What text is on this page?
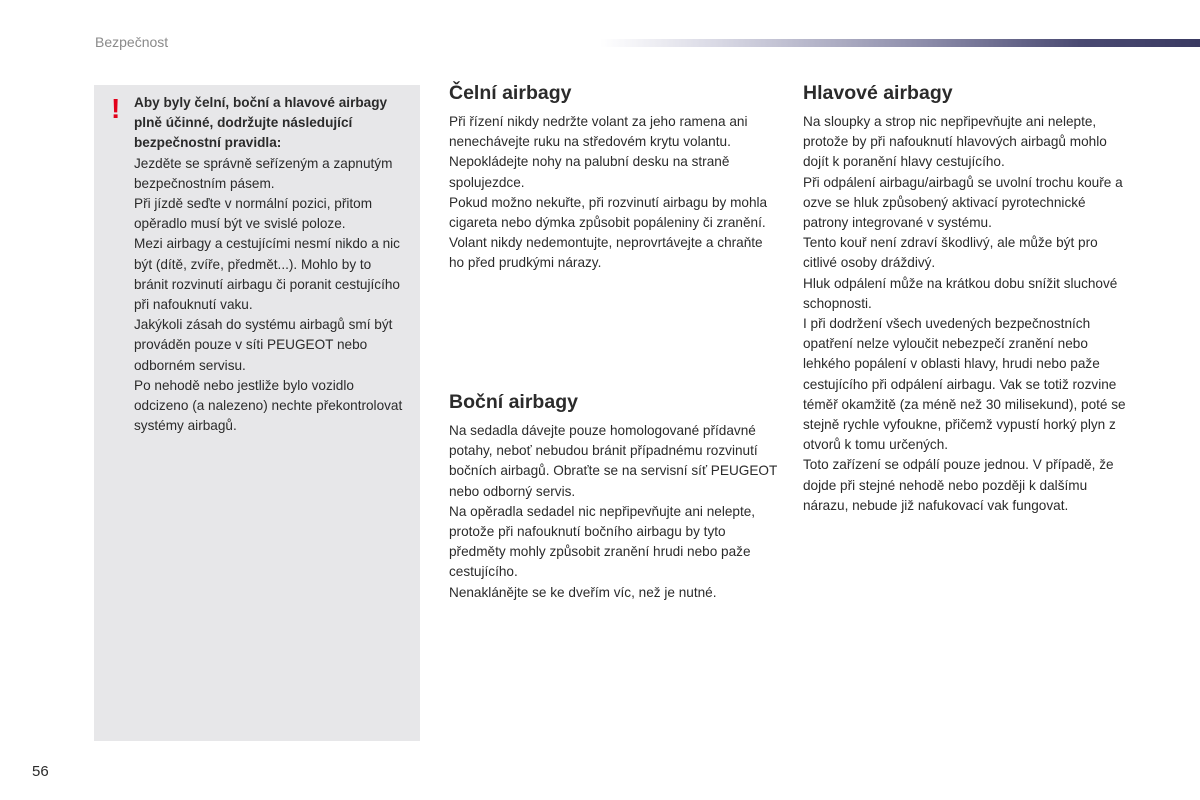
Bezpečnost

Aby byly čelní, boční a hlavové airbagy plně účinné, dodržujte následující bezpečnostní pravidla:

Jezděte se správně seřízeným a zapnutým bezpečnostním pásem.

Při jízdě seďte v normální pozici, přitom opěradlo musí být ve svislé poloze.

Mezi airbagy a cestujícími nesmí nikdo a nic být (dítě, zvíře, předmět...). Mohlo by to bránit rozvinutí airbagu či poranit cestujícího při nafouknutí vaku.

Jakýkoli zásah do systému airbagů smí být prováděn pouze v síti PEUGEOT nebo odborném servisu.

Po nehodě nebo jestliže bylo vozidlo odcizeno (a nalezeno) nechte překontrolovat systémy airbagů.

!	Čelní airbagy

Při řízení nikdy nedržte volant za jeho ramena ani nenechávejte ruku na středovém krytu volantu.

Nepokládejte nohy na palubní desku na straně spolujezdce.

Pokud možno nekuřte, při rozvinutí airbagu by mohla cigareta nebo dýmka způsobit popáleniny či zranění.

Volant nikdy nedemontujte, neprovrtávejte a chraňte ho před prudkými nárazy.

Boční airbagy

Na sedadla dávejte pouze homologované přídavné potahy, neboť nebudou bránit případnému rozvinutí bočních airbagů. Obraťte se na servisní síť PEUGEOT nebo odborný servis.

Na opěradla sedadel nic nepřipevňujte ani nelepte, protože při nafouknutí bočního airbagu by tyto předměty mohly způsobit zranění hrudi nebo paže cestujícího.

Nenaklánějte se ke dveřím víc, než je nutné.

Hlavové airbagy

Na sloupky a strop nic nepřipevňujte ani nelepte, protože by při nafouknutí hlavových airbagů mohlo dojít k poranění hlavy cestujícího.

Při odpálení airbagu/airbagů se uvolní trochu kouře a ozve se hluk způsobený aktivací pyrotechnické patrony integrované v systému.

Tento kouř není zdraví škodlivý, ale může být pro citlivé osoby dráždivý.

Hluk odpálení může na krátkou dobu snížit sluchové schopnosti.

I při dodržení všech uvedených bezpečnostních opatření nelze vyloučit nebezpečí zranění nebo lehkého popálení v oblasti hlavy, hrudi nebo paže cestujícího při odpálení airbagu. Vak se totiž rozvine téměř okamžitě (za méně než 30 milisekund), poté se stejně rychle vyfoukne, přičemž vypustí horký plyn z otvorů k tomu určených.

Toto zařízení se odpálí pouze jednou. V případě, že dojde při stejné nehodě nebo později k dalšímu nárazu, nebude již nafukovací vak fungovat.

56
